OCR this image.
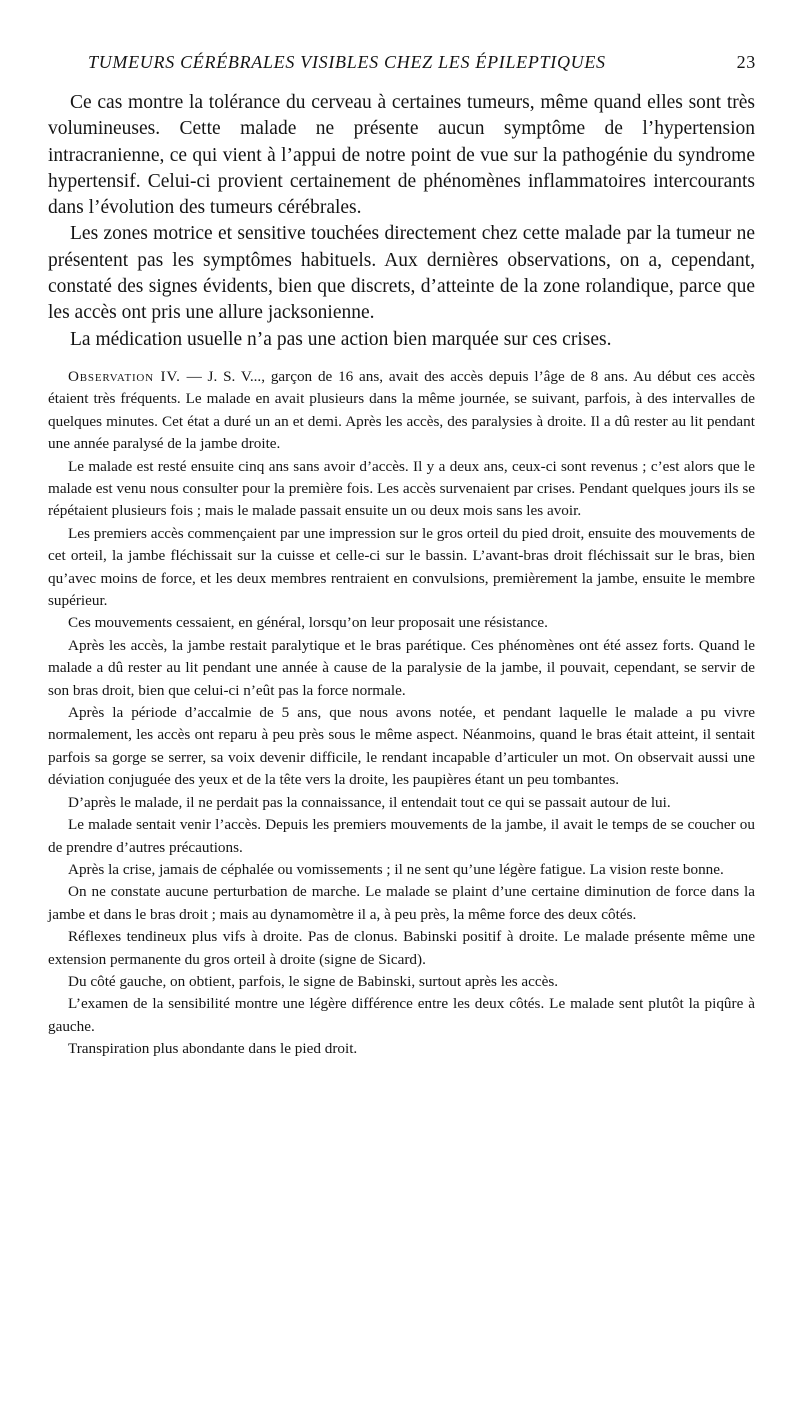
TUMEURS CÉRÉBRALES VISIBLES CHEZ LES ÉPILEPTIQUES	23

Ce cas montre la tolérance du cerveau à certaines tumeurs, même quand elles sont très volumineuses. Cette malade ne présente aucun symptôme de l’hypertension intracranienne, ce qui vient à l’appui de notre point de vue sur la pathogénie du syndrome hypertensif. Celui-ci provient certainement de phénomènes inflammatoires intercourants dans l’évolution des tumeurs cérébrales.

Les zones motrice et sensitive touchées directement chez cette malade par la tumeur ne présentent pas les symptômes habituels. Aux dernières observations, on a, cependant, constaté des signes évidents, bien que discrets, d’atteinte de la zone rolandique, parce que les accès ont pris une allure jacksonienne.

La médication usuelle n’a pas une action bien marquée sur ces crises.

Observation IV. — J. S. V..., garçon de 16 ans, avait des accès depuis l’âge de 8 ans. Au début ces accès étaient très fréquents. Le malade en avait plusieurs dans la même journée, se suivant, parfois, à des intervalles de quelques minutes. Cet état a duré un an et demi. Après les accès, des paralysies à droite. Il a dû rester au lit pendant une année paralysé de la jambe droite.

Le malade est resté ensuite cinq ans sans avoir d’accès. Il y a deux ans, ceux-ci sont revenus ; c’est alors que le malade est venu nous consulter pour la première fois. Les accès survenaient par crises. Pendant quelques jours ils se répétaient plusieurs fois ; mais le malade passait ensuite un ou deux mois sans les avoir.

Les premiers accès commençaient par une impression sur le gros orteil du pied droit, ensuite des mouvements de cet orteil, la jambe fléchissait sur la cuisse et celle-ci sur le bassin. L’avant-bras droit fléchissait sur le bras, bien qu’avec moins de force, et les deux membres rentraient en convulsions, premièrement la jambe, ensuite le membre supérieur.

Ces mouvements cessaient, en général, lorsqu’on leur proposait une résistance.

Après les accès, la jambe restait paralytique et le bras parétique. Ces phénomènes ont été assez forts. Quand le malade a dû rester au lit pendant une année à cause de la paralysie de la jambe, il pouvait, cependant, se servir de son bras droit, bien que celui-ci n’eût pas la force normale.

Après la période d’accalmie de 5 ans, que nous avons notée, et pendant laquelle le malade a pu vivre normalement, les accès ont reparu à peu près sous le même aspect. Néanmoins, quand le bras était atteint, il sentait parfois sa gorge se serrer, sa voix devenir difficile, le rendant incapable d’articuler un mot. On observait aussi une déviation conjuguée des yeux et de la tête vers la droite, les paupières étant un peu tombantes.

D’après le malade, il ne perdait pas la connaissance, il entendait tout ce qui se passait autour de lui.

Le malade sentait venir l’accès. Depuis les premiers mouvements de la jambe, il avait le temps de se coucher ou de prendre d’autres précautions.

Après la crise, jamais de céphalée ou vomissements ; il ne sent qu’une légère fatigue. La vision reste bonne.

On ne constate aucune perturbation de marche. Le malade se plaint d’une certaine diminution de force dans la jambe et dans le bras droit ; mais au dynamomètre il a, à peu près, la même force des deux côtés.

Réflexes tendineux plus vifs à droite. Pas de clonus. Babinski positif à droite. Le malade présente même une extension permanente du gros orteil à droite (signe de Sicard).

Du côté gauche, on obtient, parfois, le signe de Babinski, surtout après les accès.

L’examen de la sensibilité montre une légère différence entre les deux côtés. Le malade sent plutôt la piqûre à gauche.

Transpiration plus abondante dans le pied droit.
